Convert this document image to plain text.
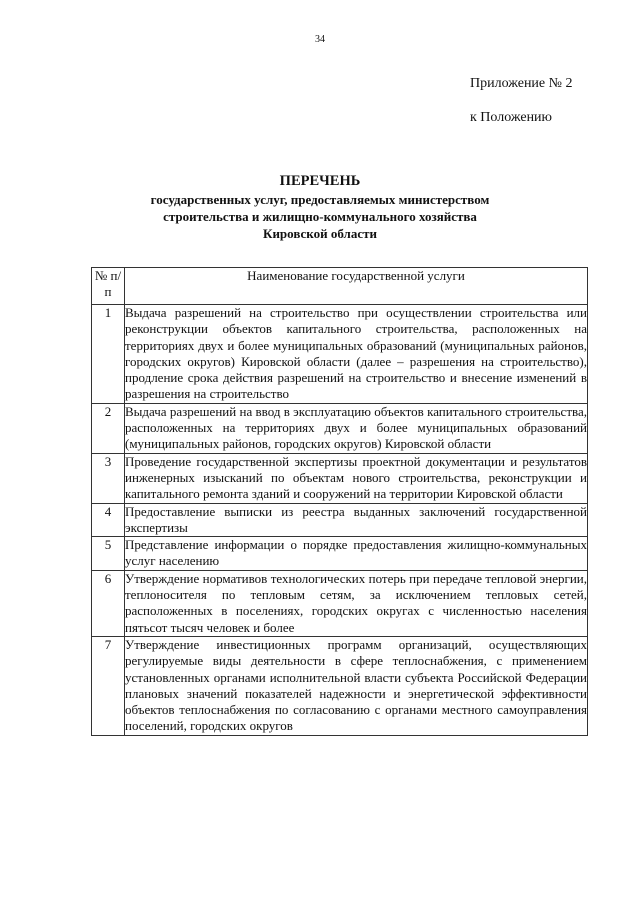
34
Приложение № 2
к Положению
ПЕРЕЧЕНЬ
государственных услуг, предоставляемых министерством
строительства и жилищно-коммунального хозяйства
Кировской области
№ п/п	Наименование государственной услуги
1	Выдача разрешений на строительство при осуществлении строительства или реконструкции объектов капитального строительства, расположенных на территориях двух и более муниципальных образований (муниципальных районов, городских округов) Кировской области (далее – разрешения на строительство), продление срока действия разрешений на строительство и внесение изменений в разрешения на строительство
2	Выдача разрешений на ввод в эксплуатацию объектов капитального строительства, расположенных на территориях двух и более муниципальных образований (муниципальных районов, городских округов) Кировской области
3	Проведение государственной экспертизы проектной документации и результатов инженерных изысканий по объектам нового строительства, реконструкции и капитального ремонта зданий и сооружений на территории Кировской области
4	Предоставление выписки из реестра выданных заключений государственной экспертизы
5	Представление информации о порядке предоставления жилищно-коммунальных услуг населению
6	Утверждение нормативов технологических потерь при передаче тепловой энергии, теплоносителя по тепловым сетям, за исключением тепловых сетей, расположенных в поселениях, городских округах с численностью населения пятьсот тысяч человек и более
7	Утверждение инвестиционных программ организаций, осуществляющих регулируемые виды деятельности в сфере теплоснабжения, с применением установленных органами исполнительной власти субъекта Российской Федерации плановых значений показателей надежности и энергетической эффективности объектов теплоснабжения по согласованию с органами местного самоуправления поселений, городских округов
